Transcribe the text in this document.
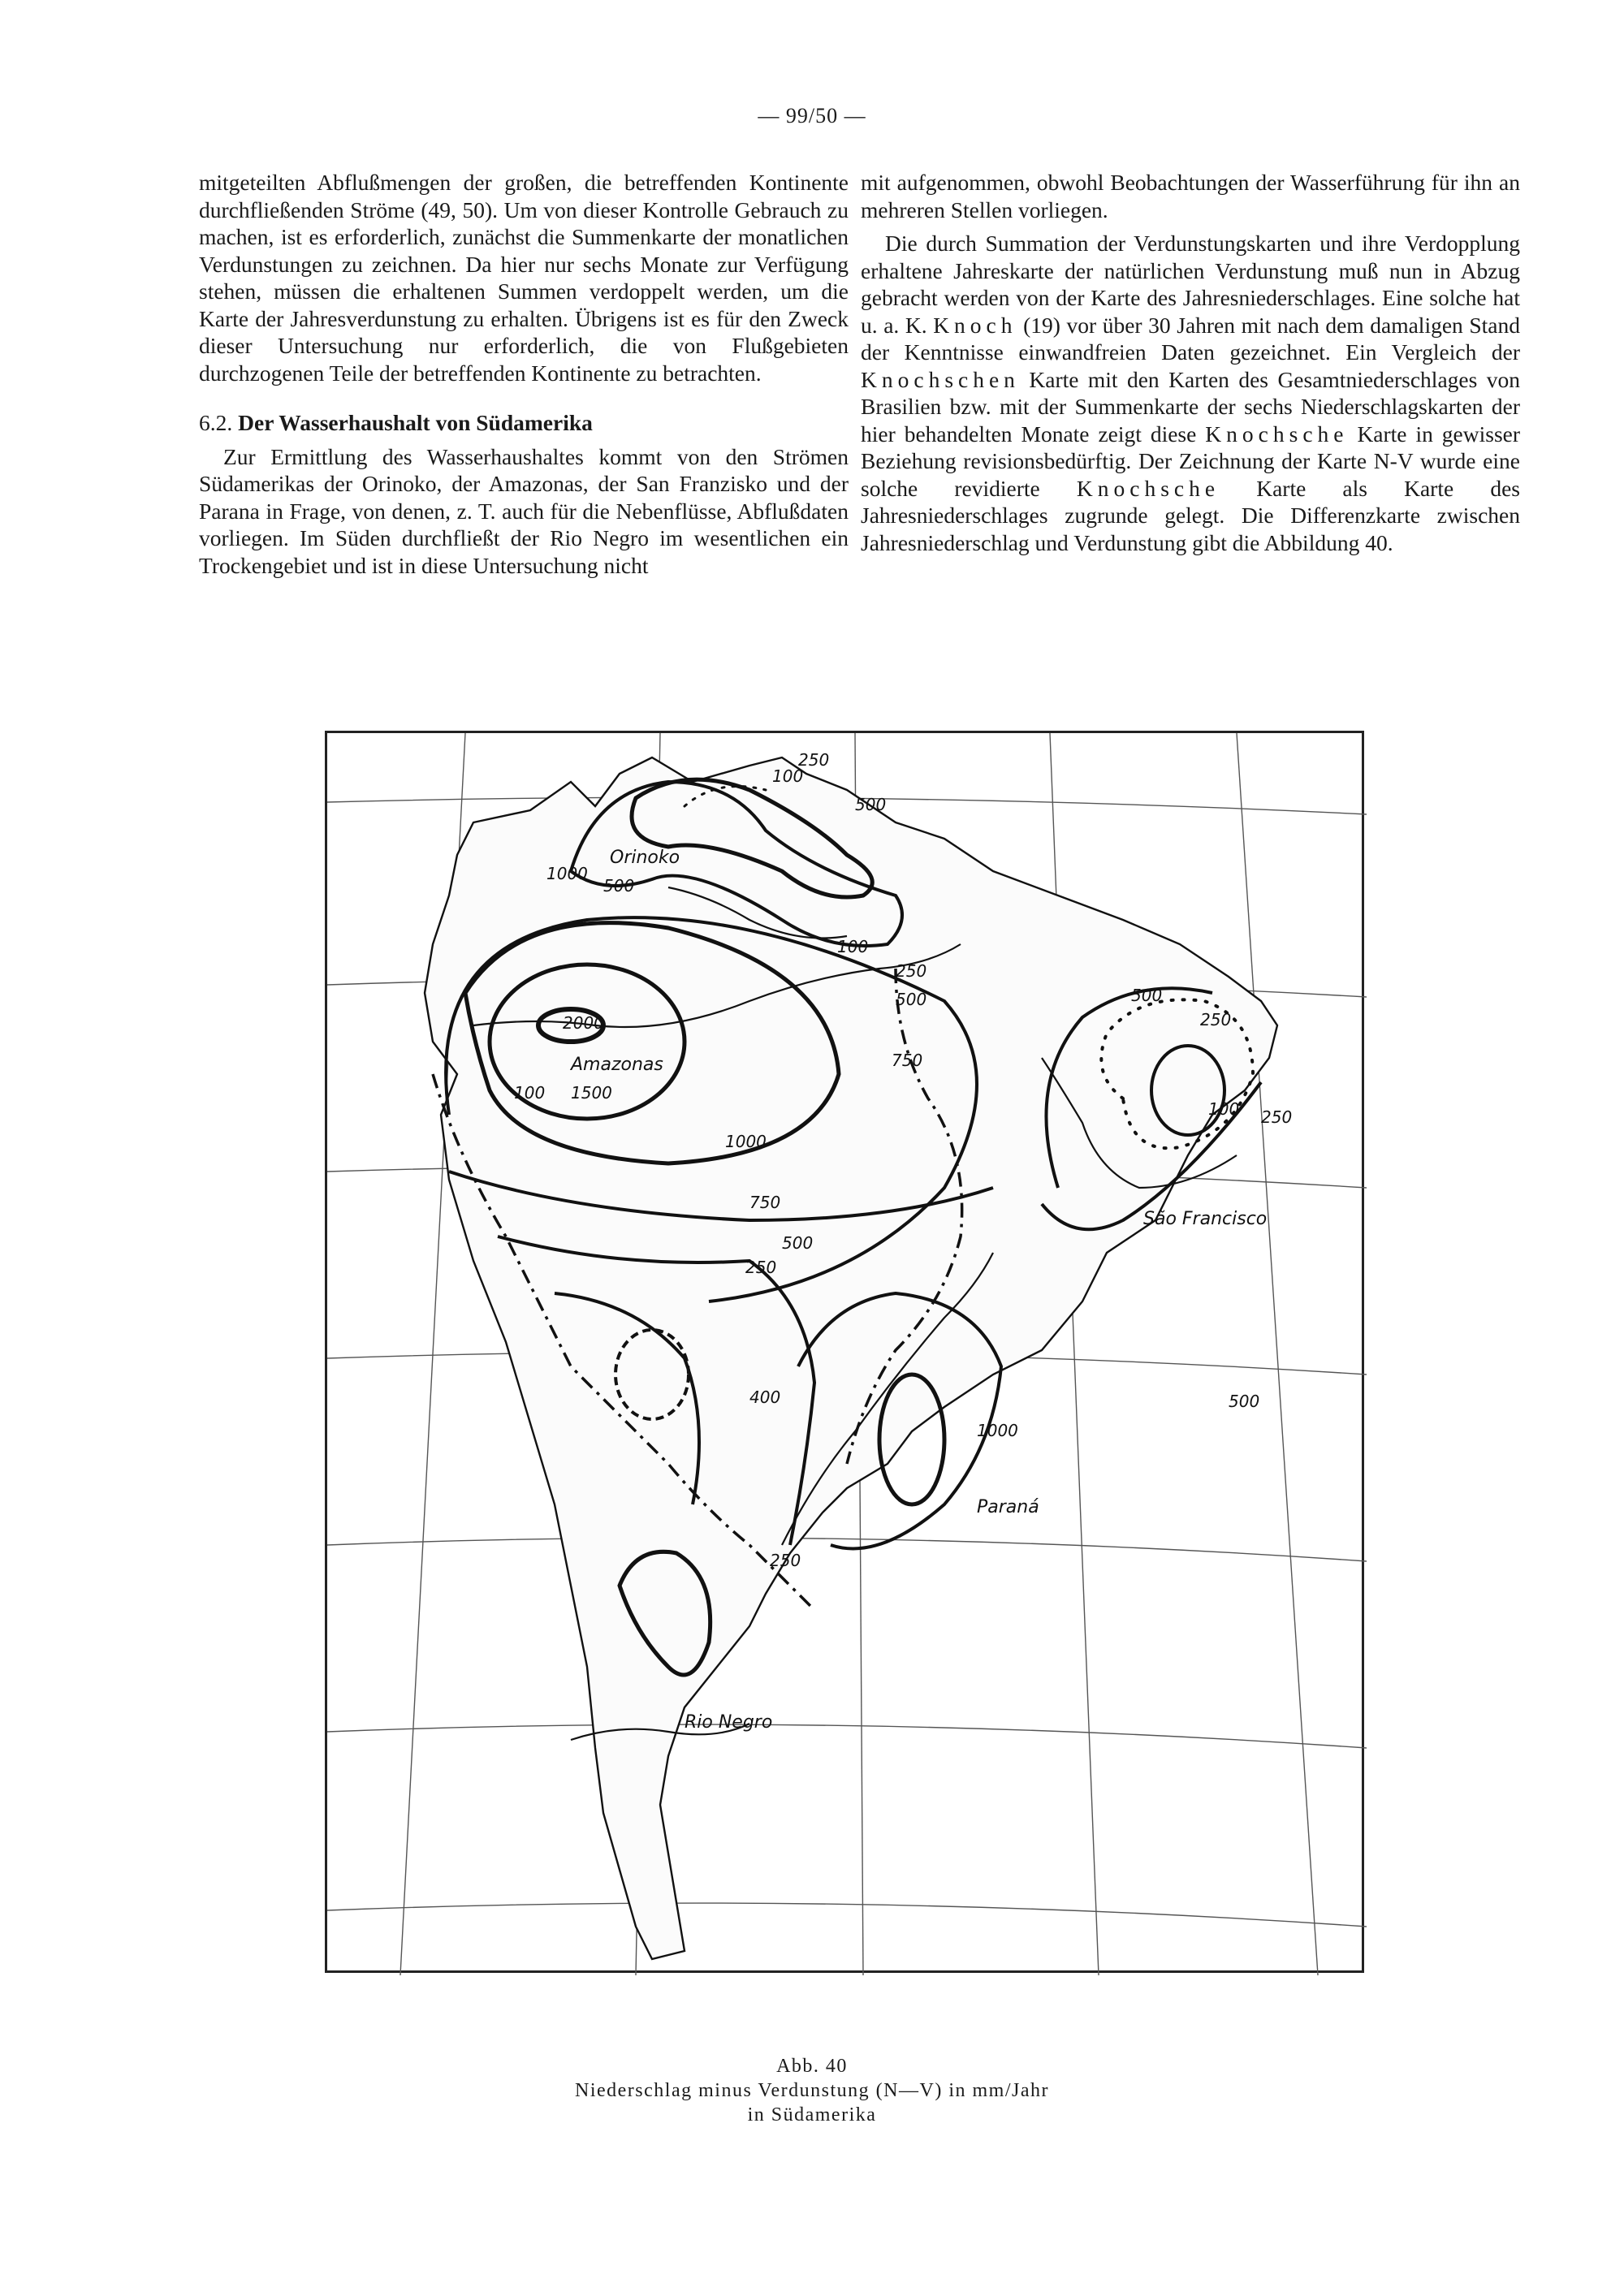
— 99/50 —

mitgeteilten Abflußmengen der großen, die betreffenden Kontinente durchfließenden Ströme (49, 50). Um von dieser Kontrolle Gebrauch zu machen, ist es erforderlich, zunächst die Summenkarte der monatlichen Verdunstungen zu zeichnen. Da hier nur sechs Monate zur Verfügung stehen, müssen die erhaltenen Summen verdoppelt werden, um die Karte der Jahresverdunstung zu erhalten. Übrigens ist es für den Zweck dieser Untersuchung nur erforderlich, die von Flußgebieten durchzogenen Teile der betreffenden Kontinente zu betrachten.

6.2. Der Wasserhaushalt von Südamerika

Zur Ermittlung des Wasserhaushaltes kommt von den Strömen Südamerikas der Orinoko, der Amazonas, der San Franzisko und der Parana in Frage, von denen, z. T. auch für die Nebenflüsse, Abflußdaten vorliegen. Im Süden durchfließt der Rio Negro im wesentlichen ein Trockengebiet und ist in diese Untersuchung nicht

mit aufgenommen, obwohl Beobachtungen der Wasserführung für ihn an mehreren Stellen vorliegen.

Die durch Summation der Verdunstungskarten und ihre Verdopplung erhaltene Jahreskarte der natürlichen Verdunstung muß nun in Abzug gebracht werden von der Karte des Jahresniederschlages. Eine solche hat u. a. K. Knoch (19) vor über 30 Jahren mit nach dem damaligen Stand der Kenntnisse einwandfreien Daten gezeichnet. Ein Vergleich der Knochschen Karte mit den Karten des Gesamtniederschlages von Brasilien bzw. mit der Summenkarte der sechs Niederschlagskarten der hier behandelten Monate zeigt diese Knochsche Karte in gewisser Beziehung revisionsbedürftig. Der Zeichnung der Karte N-V wurde eine solche revidierte Knochsche Karte als Karte des Jahresniederschlages zugrunde gelegt. Die Differenzkarte zwischen Jahresniederschlag und Verdunstung gibt die Abbildung 40.

Orinoko
Amazonas
São Francisco
Paraná
Rio Negro
100
250
500
1000
500
100
250
500	500
250
2000
1500
750
100
1000
100 250
750
500
250
500
400
1000
250
Abb. 40
Niederschlag minus Verdunstung (N—V) in mm/Jahr
in Südamerika
